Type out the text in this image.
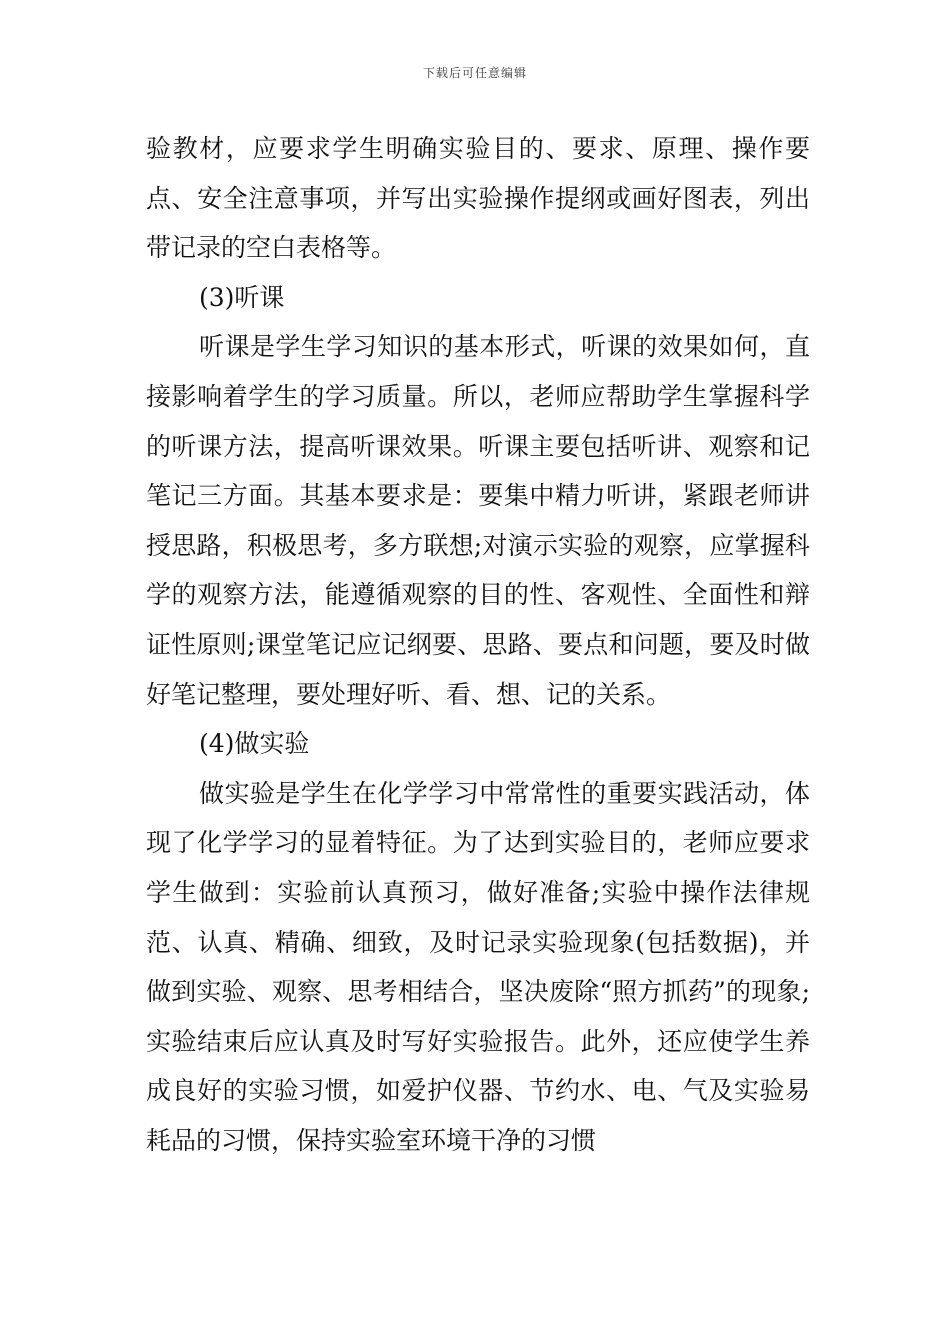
下载后可任意编辑

验教材，应要求学生明确实验目的、要求、原理、操作要点、安全注意事项，并写出实验操作提纲或画好图表，列出带记录的空白表格等。

(3)听课

听课是学生学习知识的基本形式，听课的效果如何，直接影响着学生的学习质量。所以，老师应帮助学生掌握科学的听课方法，提高听课效果。听课主要包括听讲、观察和记笔记三方面。其基本要求是：要集中精力听讲，紧跟老师讲授思路，积极思考，多方联想;对演示实验的观察，应掌握科学的观察方法，能遵循观察的目的性、客观性、全面性和辩证性原则;课堂笔记应记纲要、思路、要点和问题，要及时做好笔记整理，要处理好听、看、想、记的关系。

(4)做实验

做实验是学生在化学学习中常常性的重要实践活动，体现了化学学习的显着特征。为了达到实验目的，老师应要求学生做到：实验前认真预习，做好准备;实验中操作法律规范、认真、精确、细致，及时记录实验现象(包括数据)，并做到实验、观察、思考相结合，坚决废除“照方抓药”的现象;实验结束后应认真及时写好实验报告。此外，还应使学生养成良好的实验习惯，如爱护仪器、节约水、电、气及实验易耗品的习惯，保持实验室环境干净的习惯
